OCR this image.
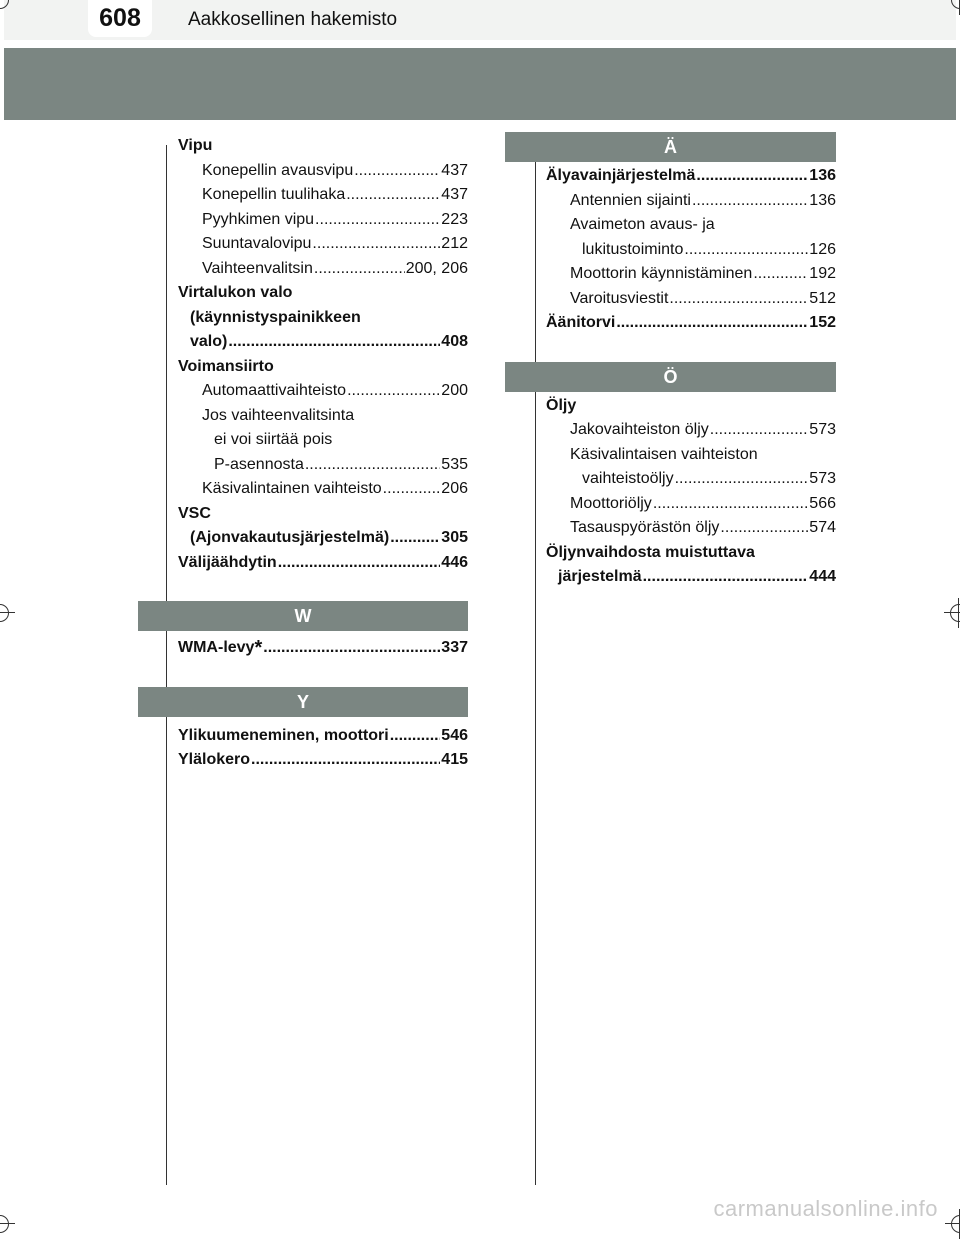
608	Aakkosellinen hakemisto
Vipu
Konepellin avausvipu .....	437
Konepellin tuulihaka .....	437
Pyyhkimen vipu .....	223
Suuntavalovipu .....	212
Vaihteenvalitsin .....	200, 206
Virtalukon valo
(käynnistyspainikkeen
valo) .....	408
Voimansiirto
Automaattivaihteisto .....	200
Jos vaihteenvalitsinta
ei voi siirtää pois
P-asennosta .....	535
Käsivalintainen vaihteisto .....	206
VSC
(Ajonvakautusjärjestelmä) .....	305
Välijäähdytin .....	446
W
WMA-levy* .....	337
Y
Ylikuumeneminen, moottori .....	546
Ylälokero .....	415
Ä
Älyavainjärjestelmä .....	136
Antennien sijainti .....	136
Avaimeton avaus- ja
lukitustoiminto .....	126
Moottorin käynnistäminen .....	192
Varoitusviestit .....	512
Äänitorvi .....	152
Ö
Öljy
Jakovaihteiston öljy .....	573
Käsivalintaisen vaihteiston
vaihteistoöljy .....	573
Moottoriöljy .....	566
Tasauspyörästön öljy .....	574
Öljynvaihdosta muistuttava
järjestelmä .....	444
carmanualsonline.info
